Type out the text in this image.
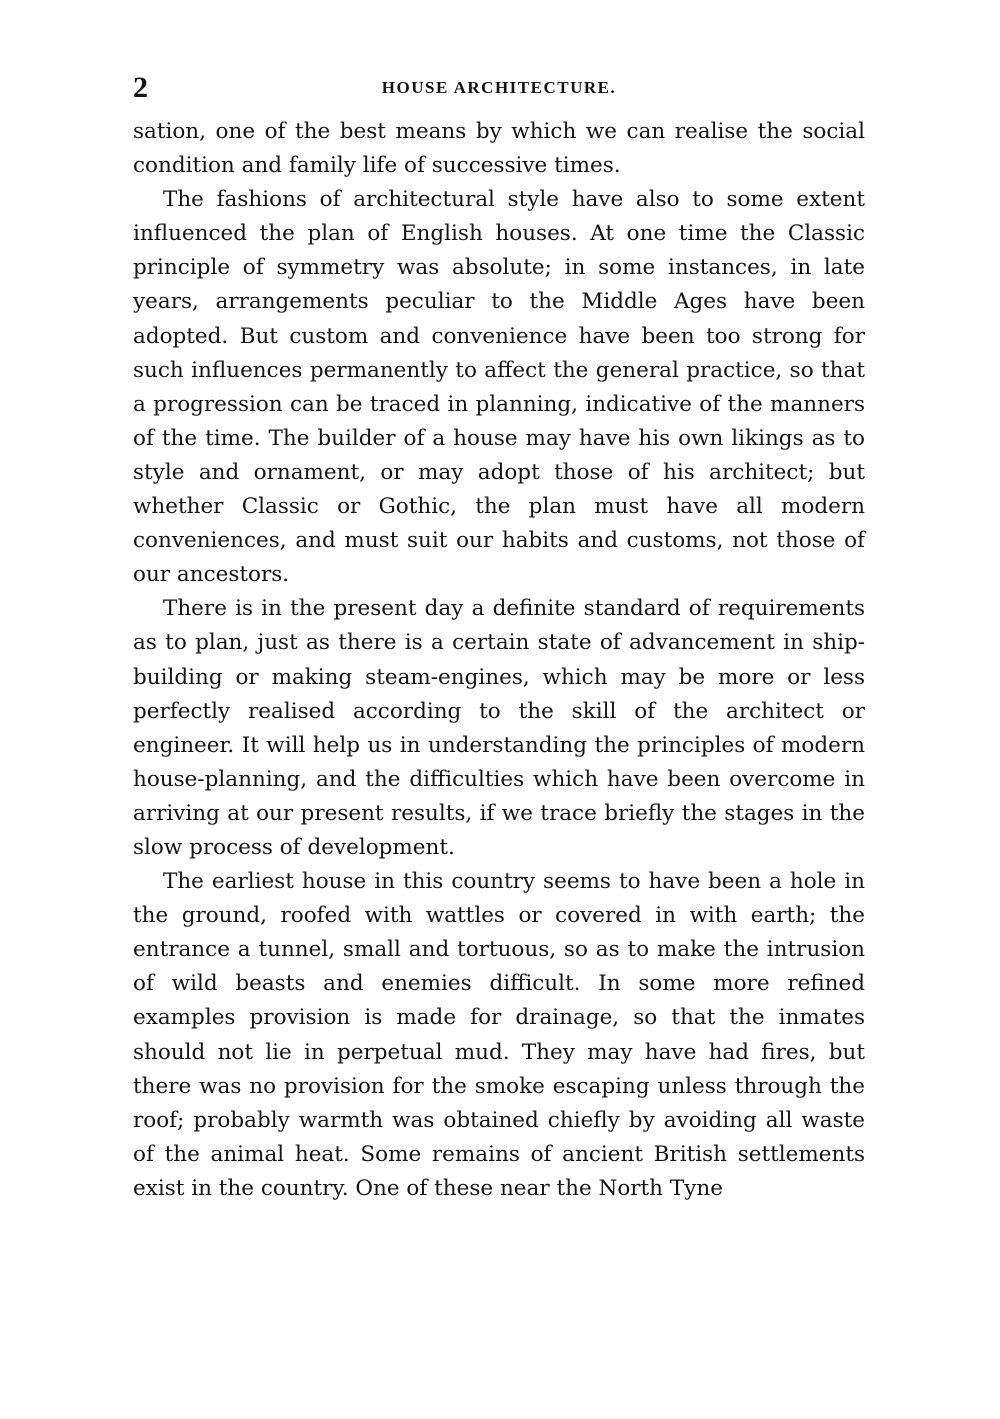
2	HOUSE ARCHITECTURE.

sation, one of the best means by which we can realise the social condition and family life of successive times.

The fashions of architectural style have also to some extent influenced the plan of English houses. At one time the Classic principle of symmetry was absolute; in some instances, in late years, arrangements peculiar to the Middle Ages have been adopted. But custom and convenience have been too strong for such influences permanently to affect the general practice, so that a progression can be traced in planning, indicative of the manners of the time. The builder of a house may have his own likings as to style and ornament, or may adopt those of his architect; but whether Classic or Gothic, the plan must have all modern conveniences, and must suit our habits and customs, not those of our ancestors.

There is in the present day a definite standard of requirements as to plan, just as there is a certain state of advancement in ship-building or making steam-engines, which may be more or less perfectly realised according to the skill of the architect or engineer. It will help us in understanding the principles of modern house-planning, and the difficulties which have been overcome in arriving at our present results, if we trace briefly the stages in the slow process of development.

The earliest house in this country seems to have been a hole in the ground, roofed with wattles or covered in with earth; the entrance a tunnel, small and tortuous, so as to make the intrusion of wild beasts and enemies difficult. In some more refined examples provision is made for drainage, so that the inmates should not lie in perpetual mud. They may have had fires, but there was no provision for the smoke escaping unless through the roof; probably warmth was obtained chiefly by avoiding all waste of the animal heat. Some remains of ancient British settlements exist in the country. One of these near the North Tyne
